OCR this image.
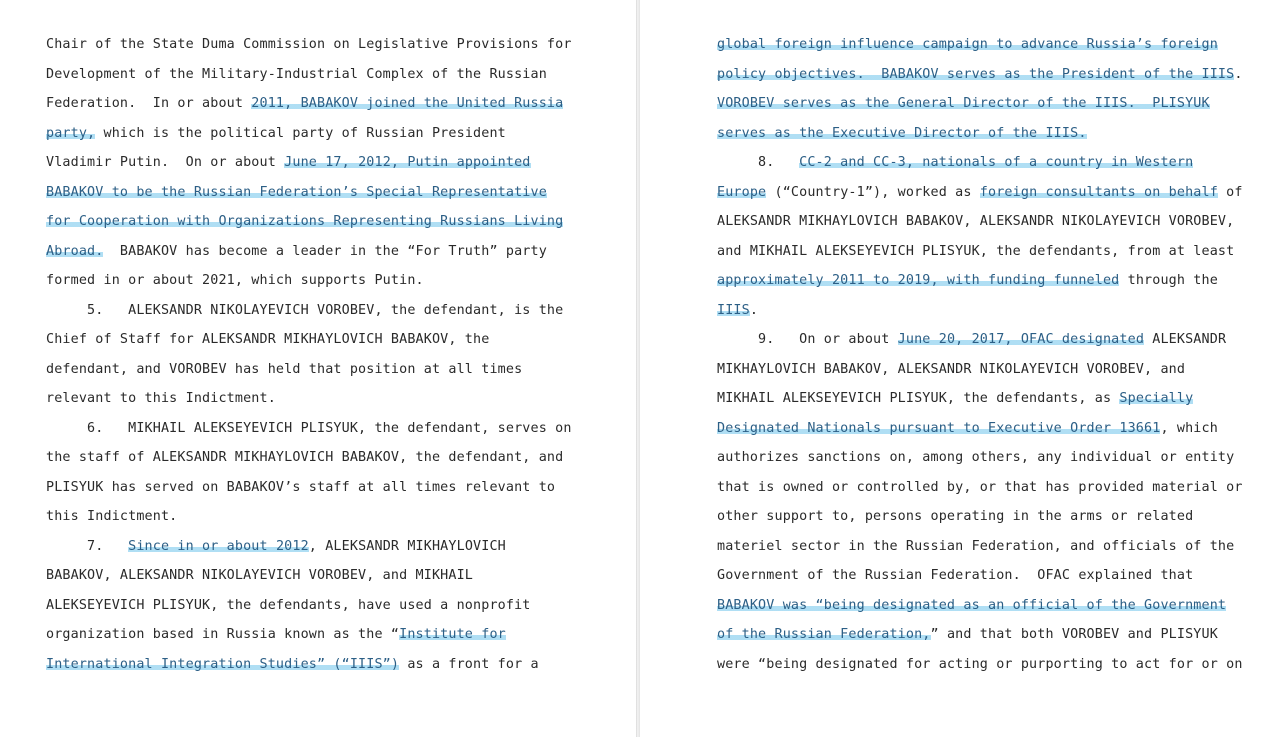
Chair of the State Duma Commission on Legislative Provisions for
Development of the Military-Industrial Complex of the Russian
Federation.  In or about 2011, BABAKOV joined the United Russia
party, which is the political party of Russian President
Vladimir Putin.  On or about June 17, 2012, Putin appointed
BABAKOV to be the Russian Federation’s Special Representative
for Cooperation with Organizations Representing Russians Living
Abroad.  BABAKOV has become a leader in the “For Truth” party
formed in or about 2021, which supports Putin.
5.   ALEKSANDR NIKOLAYEVICH VOROBEV, the defendant, is the
Chief of Staff for ALEKSANDR MIKHAYLOVICH BABAKOV, the
defendant, and VOROBEV has held that position at all times
relevant to this Indictment.
6.   MIKHAIL ALEKSEYEVICH PLISYUK, the defendant, serves on
the staff of ALEKSANDR MIKHAYLOVICH BABAKOV, the defendant, and
PLISYUK has served on BABAKOV’s staff at all times relevant to
this Indictment.
7.   Since in or about 2012, ALEKSANDR MIKHAYLOVICH
BABAKOV, ALEKSANDR NIKOLAYEVICH VOROBEV, and MIKHAIL
ALEKSEYEVICH PLISYUK, the defendants, have used a nonprofit
organization based in Russia known as the “Institute for
International Integration Studies” (“IIIS”) as a front for a
global foreign influence campaign to advance Russia’s foreign
policy objectives.  BABAKOV serves as the President of the IIIS.
VOROBEV serves as the General Director of the IIIS.  PLISYUK
serves as the Executive Director of the IIIS.
8.   CC-2 and CC-3, nationals of a country in Western
Europe (“Country-1”), worked as foreign consultants on behalf of
ALEKSANDR MIKHAYLOVICH BABAKOV, ALEKSANDR NIKOLAYEVICH VOROBEV,
and MIKHAIL ALEKSEYEVICH PLISYUK, the defendants, from at least
approximately 2011 to 2019, with funding funneled through the
IIIS.
9.   On or about June 20, 2017, OFAC designated ALEKSANDR
MIKHAYLOVICH BABAKOV, ALEKSANDR NIKOLAYEVICH VOROBEV, and
MIKHAIL ALEKSEYEVICH PLISYUK, the defendants, as Specially
Designated Nationals pursuant to Executive Order 13661, which
authorizes sanctions on, among others, any individual or entity
that is owned or controlled by, or that has provided material or
other support to, persons operating in the arms or related
materiel sector in the Russian Federation, and officials of the
Government of the Russian Federation.  OFAC explained that
BABAKOV was “being designated as an official of the Government
of the Russian Federation,” and that both VOROBEV and PLISYUK
were “being designated for acting or purporting to act for or on
